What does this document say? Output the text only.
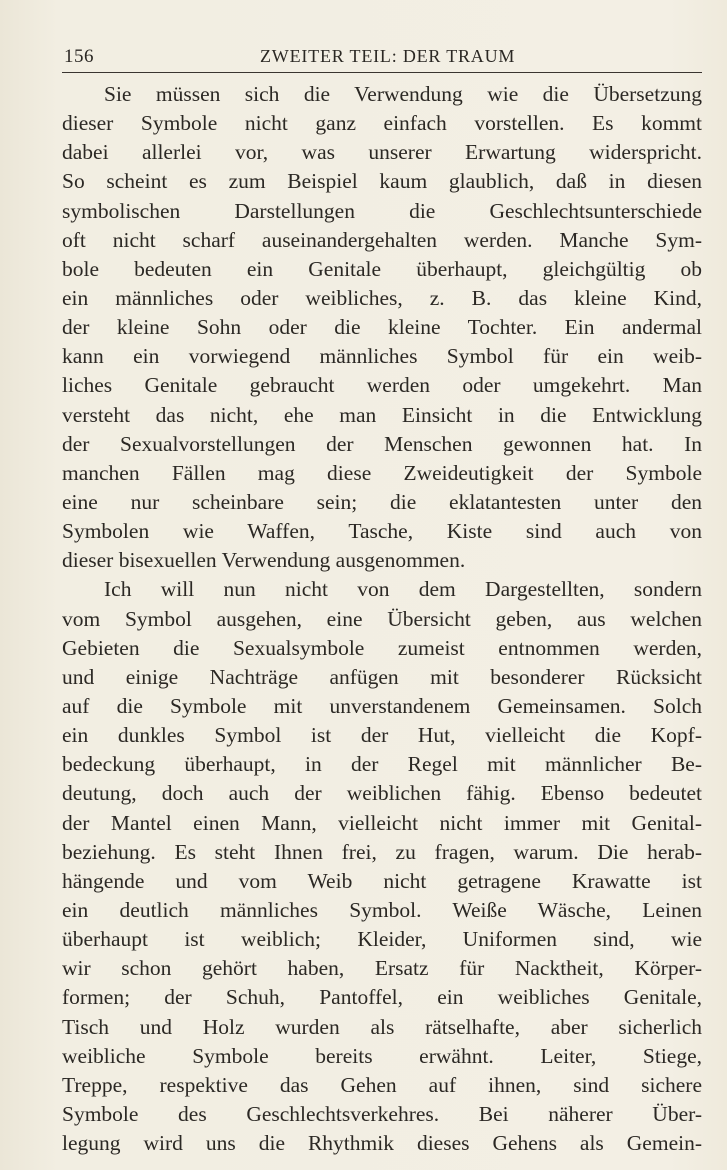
156	ZWEITER TEIL: DER TRAUM
Sie müssen sich die Verwendung wie die Übersetzung
dieser Symbole nicht ganz einfach vorstellen. Es kommt
dabei allerlei vor, was unserer Erwartung widerspricht.
So scheint es zum Beispiel kaum glaublich, daß in diesen
symbolischen Darstellungen die Geschlechtsunterschiede
oft nicht scharf auseinandergehalten werden. Manche Sym-
bole bedeuten ein Genitale überhaupt, gleichgültig ob
ein männliches oder weibliches, z. B. das kleine Kind,
der kleine Sohn oder die kleine Tochter. Ein andermal
kann ein vorwiegend männliches Symbol für ein weib-
liches Genitale gebraucht werden oder umgekehrt. Man
versteht das nicht, ehe man Einsicht in die Entwicklung
der Sexualvorstellungen der Menschen gewonnen hat. In
manchen Fällen mag diese Zweideutigkeit der Symbole
eine nur scheinbare sein; die eklatantesten unter den
Symbolen wie Waffen, Tasche, Kiste sind auch von
dieser bisexuellen Verwendung ausgenommen.
Ich will nun nicht von dem Dargestellten, sondern
vom Symbol ausgehen, eine Übersicht geben, aus welchen
Gebieten die Sexualsymbole zumeist entnommen werden,
und einige Nachträge anfügen mit besonderer Rücksicht
auf die Symbole mit unverstandenem Gemeinsamen. Solch
ein dunkles Symbol ist der Hut, vielleicht die Kopf-
bedeckung überhaupt, in der Regel mit männlicher Be-
deutung, doch auch der weiblichen fähig. Ebenso bedeutet
der Mantel einen Mann, vielleicht nicht immer mit Genital-
beziehung. Es steht Ihnen frei, zu fragen, warum. Die herab-
hängende und vom Weib nicht getragene Krawatte ist
ein deutlich männliches Symbol. Weiße Wäsche, Leinen
überhaupt ist weiblich; Kleider, Uniformen sind, wie
wir schon gehört haben, Ersatz für Nacktheit, Körper-
formen; der Schuh, Pantoffel, ein weibliches Genitale,
Tisch und Holz wurden als rätselhafte, aber sicherlich
weibliche Symbole bereits erwähnt. Leiter, Stiege,
Treppe, respektive das Gehen auf ihnen, sind sichere
Symbole des Geschlechtsverkehres. Bei näherer Über-
legung wird uns die Rhythmik dieses Gehens als Gemein-
